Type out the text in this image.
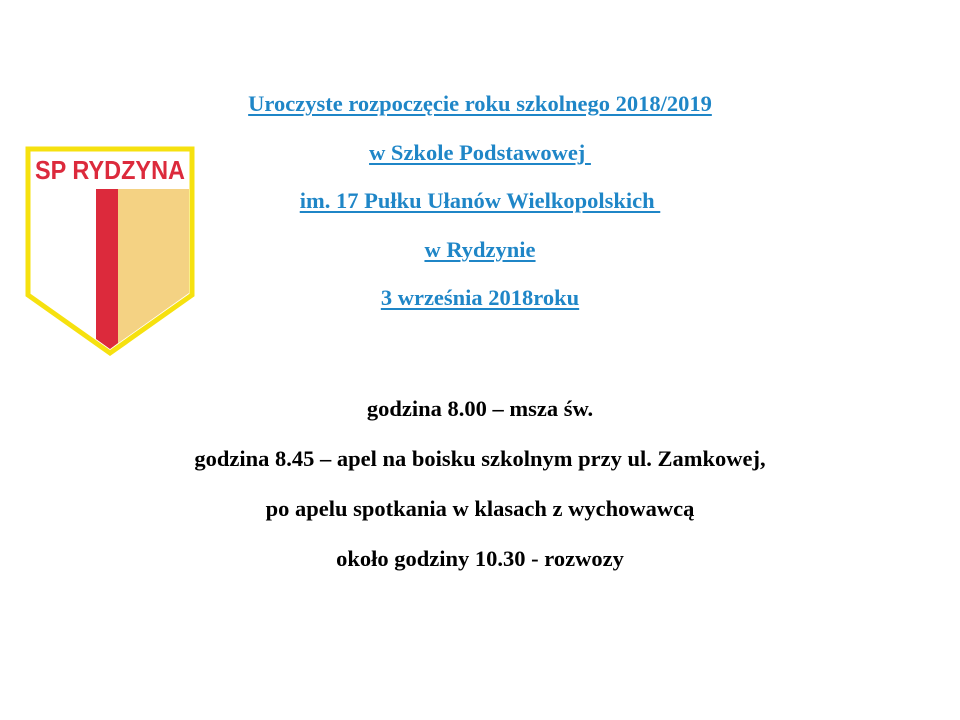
SP RYDZYNA
Uroczyste rozpoczęcie roku szkolnego 2018/2019
w Szkole Podstawowej
im. 17 Pułku Ułanów Wielkopolskich
w Rydzynie
3 września 2018roku
godzina 8.00 – msza św.
godzina 8.45 – apel na boisku szkolnym przy ul. Zamkowej,
po apelu spotkania w klasach z wychowawcą
około godziny 10.30 - rozwozy
